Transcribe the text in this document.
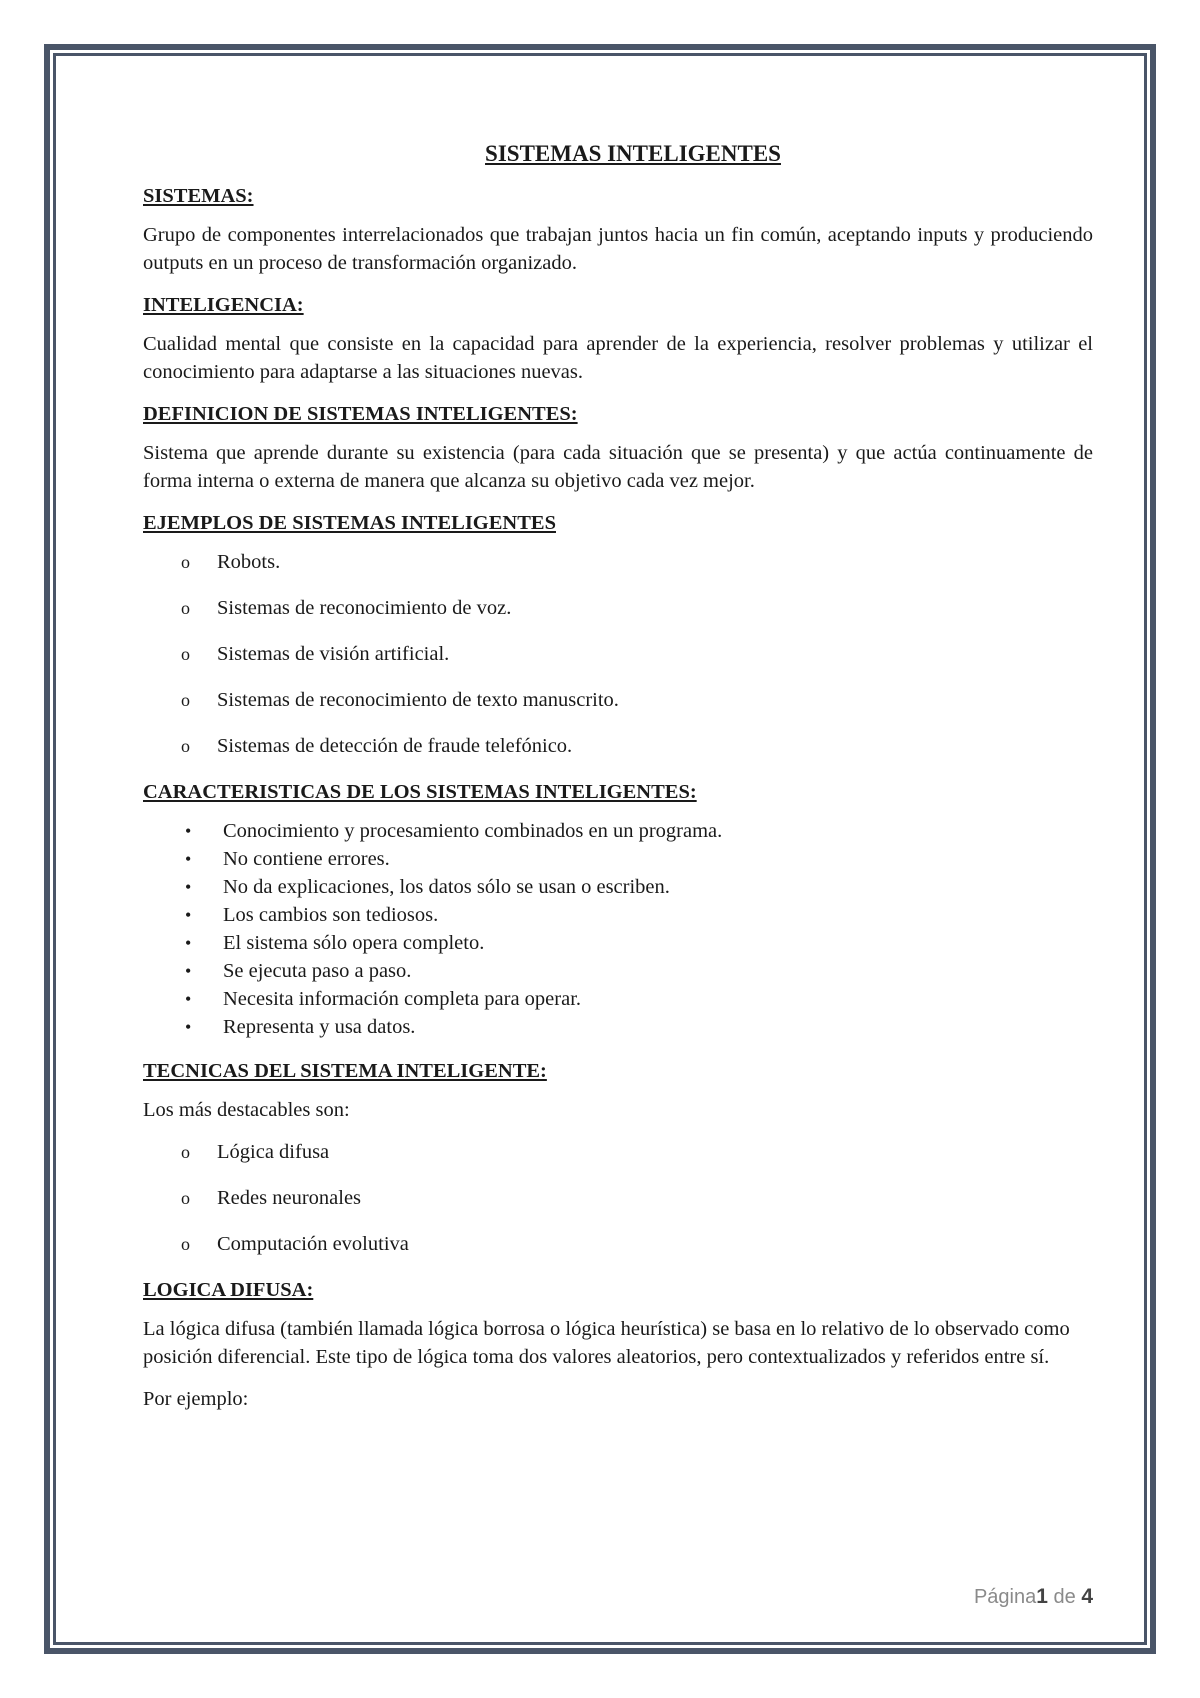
SISTEMAS INTELIGENTES
SISTEMAS:
Grupo de componentes interrelacionados que trabajan juntos hacia un fin común, aceptando inputs y produciendo outputs en un proceso de transformación organizado.
INTELIGENCIA:
Cualidad mental que consiste en la capacidad para aprender de la experiencia, resolver problemas y utilizar el conocimiento para adaptarse a las situaciones nuevas.
DEFINICION DE SISTEMAS INTELIGENTES:
Sistema que aprende durante su existencia (para cada situación que se presenta) y que actúa continuamente de forma interna o externa de manera que alcanza su objetivo cada vez mejor.
EJEMPLOS DE SISTEMAS INTELIGENTES
o Robots.
o Sistemas de reconocimiento de voz.
o Sistemas de visión artificial.
o Sistemas de reconocimiento de texto manuscrito.
o Sistemas de detección de fraude telefónico.
CARACTERISTICAS DE LOS SISTEMAS INTELIGENTES:
• Conocimiento y procesamiento combinados en un programa.
• No contiene errores.
• No da explicaciones, los datos sólo se usan o escriben.
• Los cambios son tediosos.
• El sistema sólo opera completo.
• Se ejecuta paso a paso.
• Necesita información completa para operar.
• Representa y usa datos.
TECNICAS DEL SISTEMA INTELIGENTE:
Los más destacables son:
o Lógica difusa
o Redes neuronales
o Computación evolutiva
LOGICA DIFUSA:
La lógica difusa (también llamada lógica borrosa o lógica heurística) se basa en lo relativo de lo observado como posición diferencial. Este tipo de lógica toma dos valores aleatorios, pero contextualizados y referidos entre sí.
Por ejemplo:
Página1 de 4
